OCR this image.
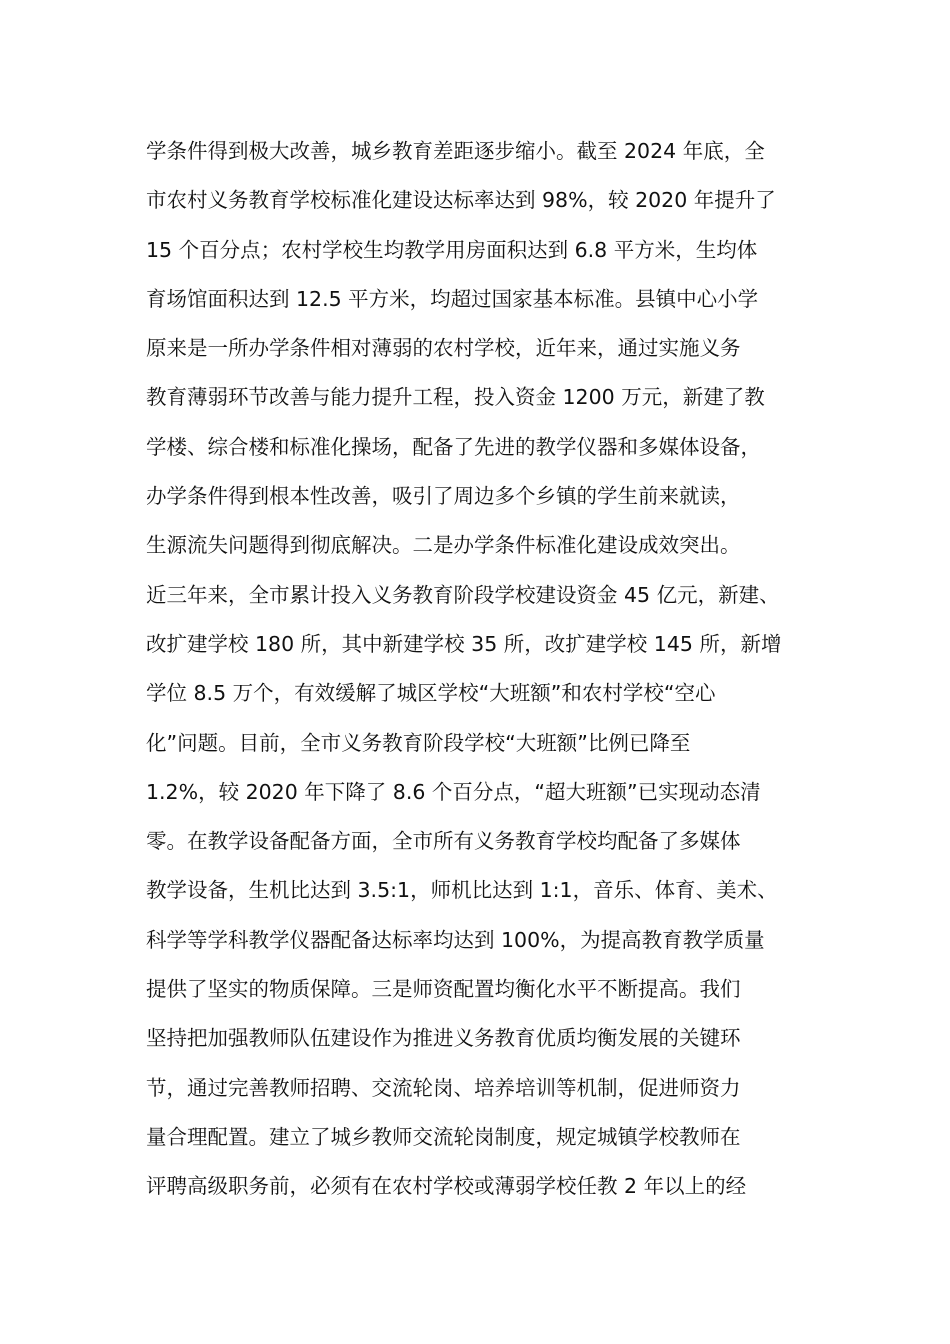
学条件得到极大改善，城乡教育差距逐步缩小。截至 2024 年底，全
市农村义务教育学校标准化建设达标率达到 98%，较 2020 年提升了
15 个百分点；农村学校生均教学用房面积达到 6.8 平方米，生均体
育场馆面积达到 12.5 平方米，均超过国家基本标准。县镇中心小学
原来是一所办学条件相对薄弱的农村学校，近年来，通过实施义务
教育薄弱环节改善与能力提升工程，投入资金 1200 万元，新建了教
学楼、综合楼和标准化操场，配备了先进的教学仪器和多媒体设备，
办学条件得到根本性改善，吸引了周边多个乡镇的学生前来就读，
生源流失问题得到彻底解决。二是办学条件标准化建设成效突出。
近三年来，全市累计投入义务教育阶段学校建设资金 45 亿元，新建、
改扩建学校 180 所，其中新建学校 35 所，改扩建学校 145 所，新增
学位 8.5 万个，有效缓解了城区学校“大班额”和农村学校“空心
化”问题。目前，全市义务教育阶段学校“大班额”比例已降至
1.2%，较 2020 年下降了 8.6 个百分点，“超大班额”已实现动态清
零。在教学设备配备方面，全市所有义务教育学校均配备了多媒体
教学设备，生机比达到 3.5:1，师机比达到 1:1，音乐、体育、美术、
科学等学科教学仪器配备达标率均达到 100%，为提高教育教学质量
提供了坚实的物质保障。三是师资配置均衡化水平不断提高。我们
坚持把加强教师队伍建设作为推进义务教育优质均衡发展的关键环
节，通过完善教师招聘、交流轮岗、培养培训等机制，促进师资力
量合理配置。建立了城乡教师交流轮岗制度，规定城镇学校教师在
评聘高级职务前，必须有在农村学校或薄弱学校任教 2 年以上的经
